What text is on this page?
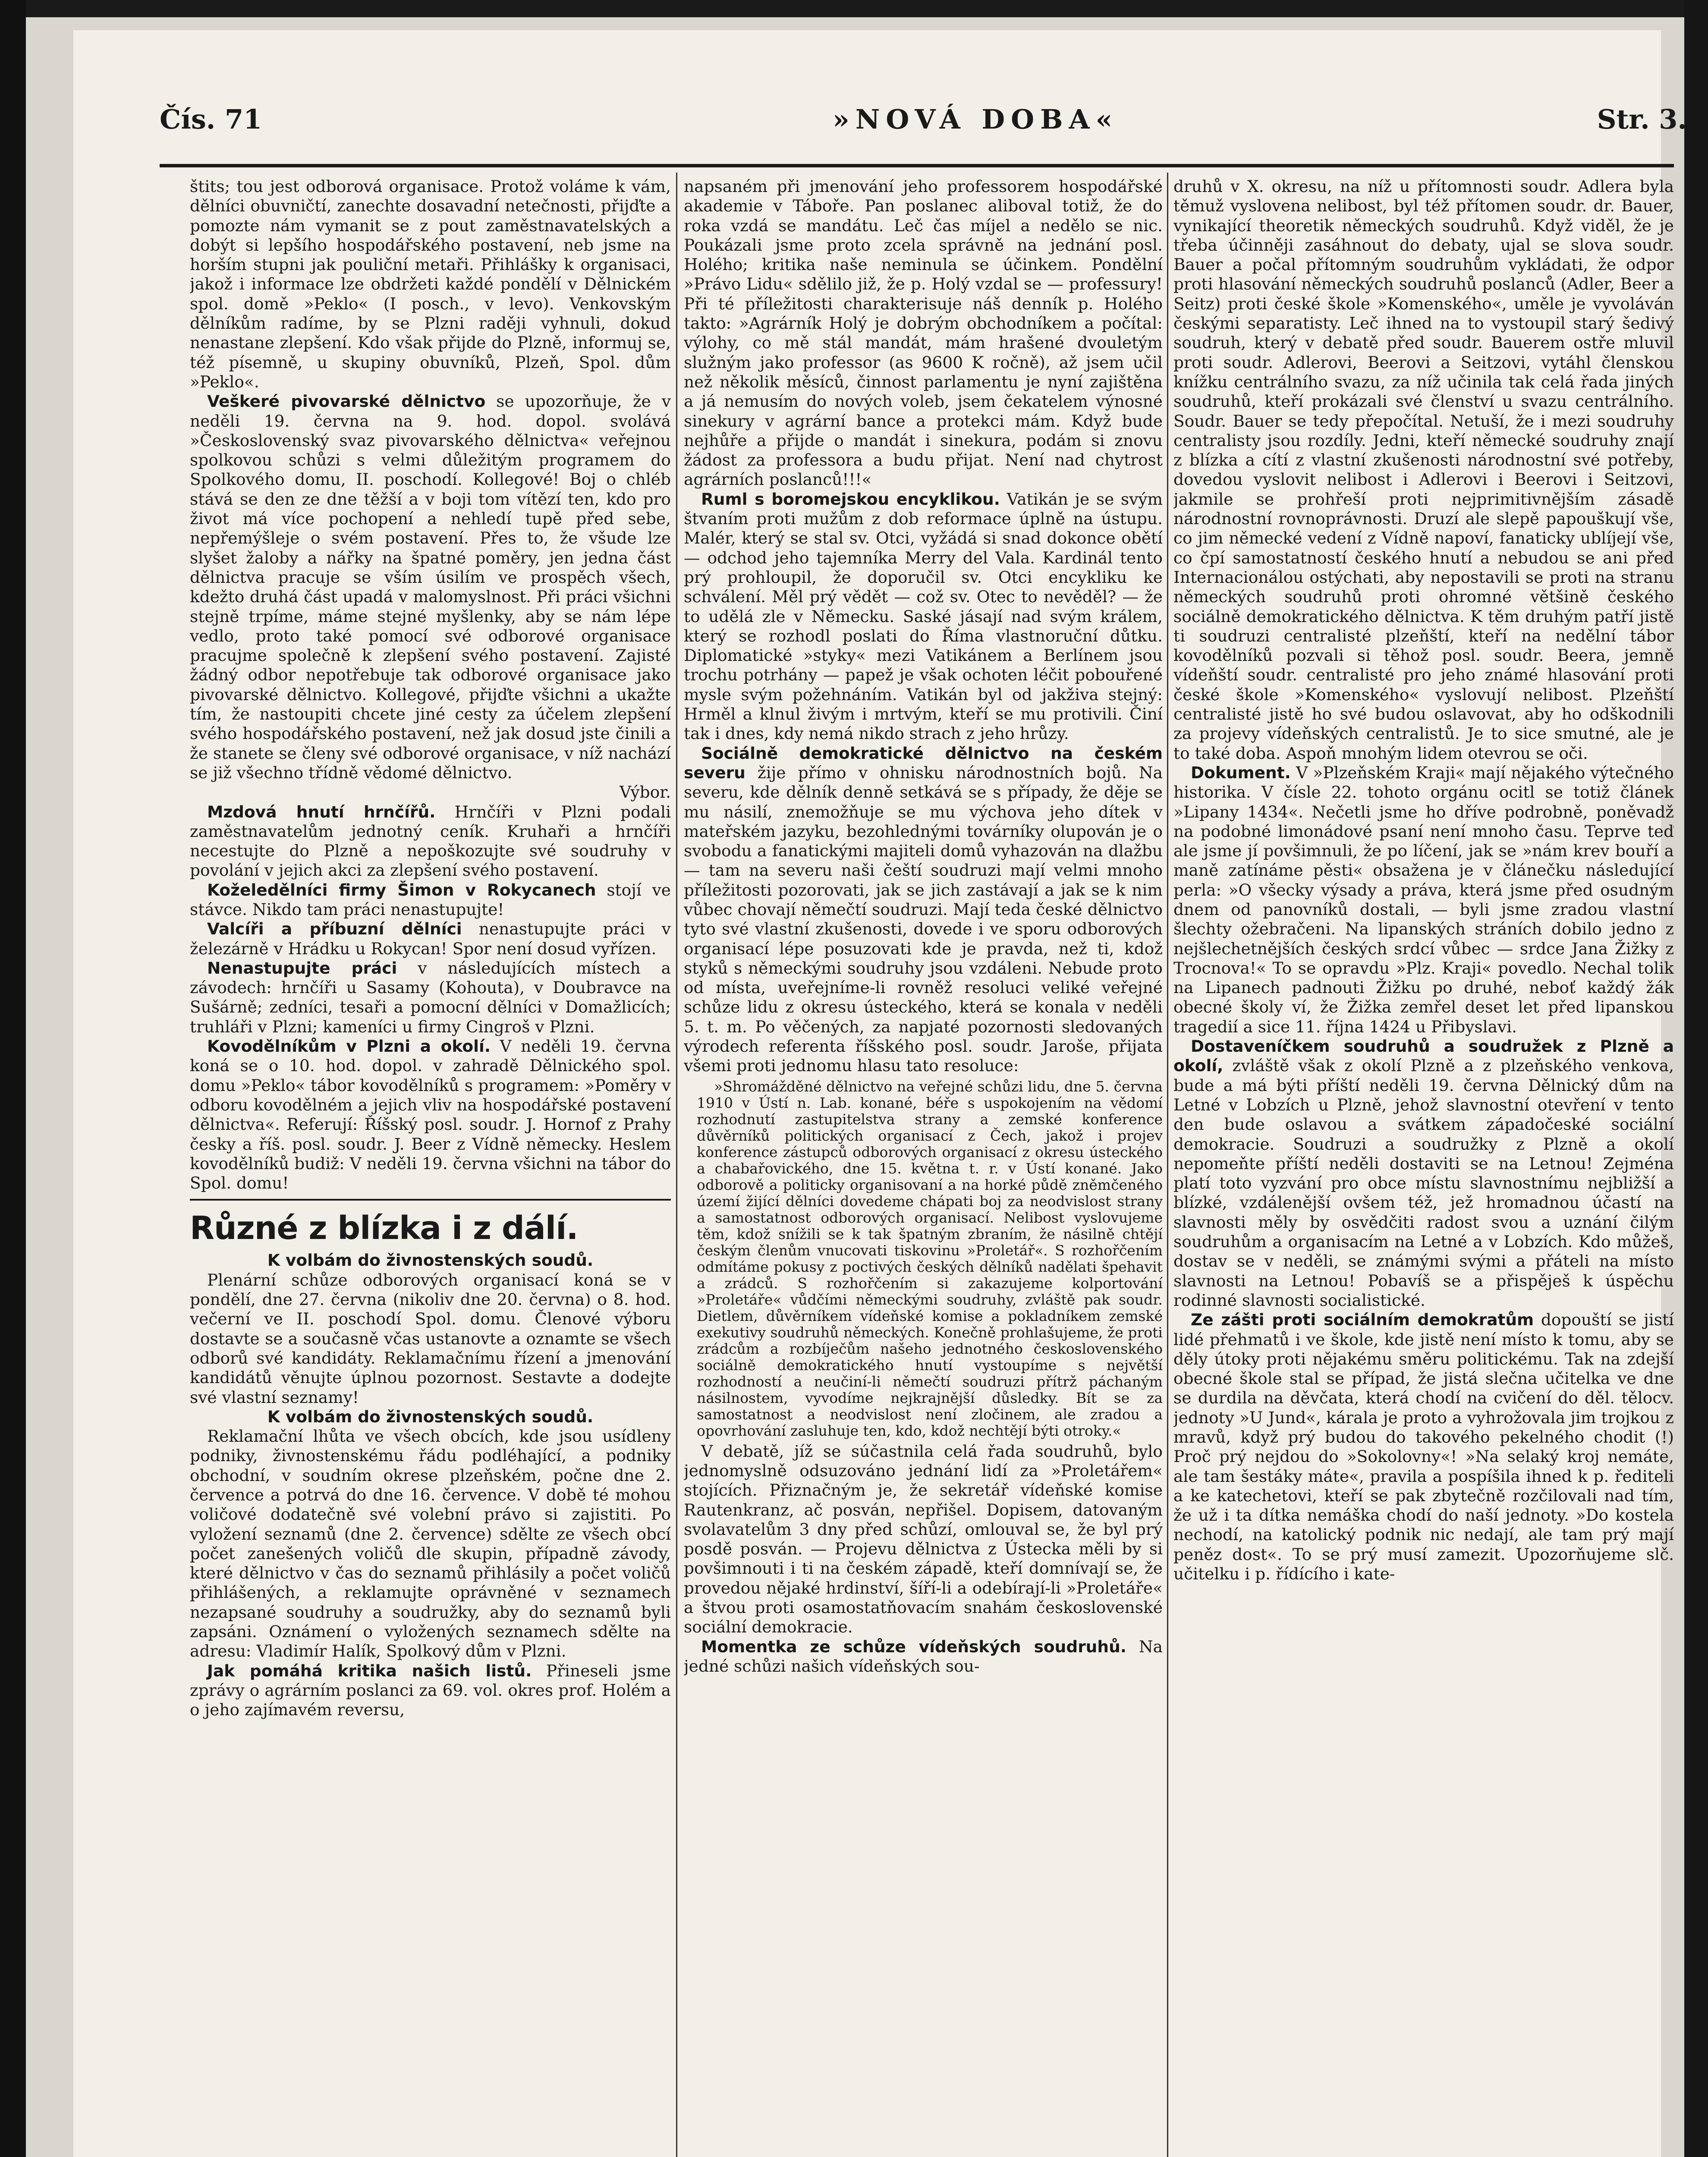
Čís. 71	»NOVÁ DOBA«	Str. 3.

štits; tou jest odborová organisace. Protož voláme k vám, dělníci obuvničtí, zanechte dosavadní netečnosti, přijďte a pomozte nám vymanit se z pout zaměstnavatelských a dobýt si lepšího hospodářského postavení, neb jsme na horším stupni jak pouliční metaři. Přihlášky k organisaci, jakož i informace lze obdržeti každé pondělí v Dělnickém spol. domě »Peklo« (I posch., v levo). Venkovským dělníkům radíme, by se Plzni raději vyhnuli, dokud nenastane zlepšení. Kdo však přijde do Plzně, informuj se, též písemně, u skupiny obuvníků, Plzeň, Spol. dům »Peklo«.

Veškeré pivovarské dělnictvo se upozorňuje, že v neděli 19. června na 9. hod. dopol. svolává »Československý svaz pivovarského dělnictva« veřejnou spolkovou schůzi s velmi důležitým programem do Spolkového domu, II. poschodí. Kollegové! Boj o chléb stává se den ze dne těžší a v boji tom vítězí ten, kdo pro život má více pochopení a nehledí tupě před sebe, nepřemýšleje o svém postavení. Přes to, že všude lze slyšet žaloby a nářky na špatné poměry, jen jedna část dělnictva pracuje se vším úsilím ve prospěch všech, kdežto druhá část upadá v malomyslnost. Při práci všichni stejně trpíme, máme stejné myšlenky, aby se nám lépe vedlo, proto také pomocí své odborové organisace pracujme společně k zlepšení svého postavení. Zajisté žádný odbor nepotřebuje tak odborové organisace jako pivovarské dělnictvo. Kollegové, přijďte všichni a ukažte tím, že nastoupiti chcete jiné cesty za účelem zlepšení svého hospodářského postavení, než jak dosud jste činili a že stanete se členy své odborové organisace, v níž nachází se již všechno třídně vědomé dělnictvo.

Výbor.

Mzdová hnutí hrnčířů. Hrnčíři v Plzni podali zaměstnavatelům jednotný ceník. Kruhaři a hrnčíři necestujte do Plzně a nepoškozujte své soudruhy v povolání v jejich akci za zlepšení svého postavení.

Koželedělníci firmy Šimon v Rokycanech stojí ve stávce. Nikdo tam práci nenastupujte!

Valcíři a příbuzní dělníci nenastupujte práci v železárně v Hrádku u Rokycan! Spor není dosud vyřízen.

Nenastupujte práci v následujících místech a závodech: hrnčíři u Sasamy (Kohouta), v Doubravce na Sušárně; zedníci, tesaři a pomocní dělníci v Domažlicích; truhláři v Plzni; kameníci u firmy Cingroš v Plzni.

Kovodělníkům v Plzni a okolí. V neděli 19. června koná se o 10. hod. dopol. v zahradě Dělnického spol. domu »Peklo« tábor kovodělníků s programem: »Poměry v odboru kovodělném a jejich vliv na hospodářské postavení dělnictva«. Referují: Říšský posl. soudr. J. Hornof z Prahy česky a říš. posl. soudr. J. Beer z Vídně německy. Heslem kovodělníků budiž: V neděli 19. června všichni na tábor do Spol. domu!

Různé z blízka i z dálí.

K volbám do živnostenských soudů.

Plenární schůze odborových organisací koná se v pondělí, dne 27. června (nikoliv dne 20. června) o 8. hod. večerní ve II. poschodí Spol. domu. Členové výboru dostavte se a současně včas ustanovte a oznamte se všech odborů své kandidáty. Reklamačnímu řízení a jmenování kandidátů věnujte úplnou pozornost. Sestavte a dodejte své vlastní seznamy!

K volbám do živnostenských soudů.

Reklamační lhůta ve všech obcích, kde jsou usídleny podniky, živnostenskému řádu podléhající, a podniky obchodní, v soudním okrese plzeňském, počne dne 2. července a potrvá do dne 16. července. V době té mohou voličové dodatečně své volební právo si zajistiti. Po vyložení seznamů (dne 2. července) sdělte ze všech obcí počet zanešených voličů dle skupin, případně závody, které dělnictvo v čas do seznamů přihlásily a počet voličů přihlášených, a reklamujte oprávněné v seznamech nezapsané soudruhy a soudružky, aby do seznamů byli zapsáni. Oznámení o vyložených seznamech sdělte na adresu: Vladimír Halík, Spolkový dům v Plzni.

Jak pomáhá kritika našich listů. Přineseli jsme zprávy o agrárním poslanci za 69. vol. okres prof. Holém a o jeho zajímavém reversu,

napsaném při jmenování jeho professorem hospodářské akademie v Táboře. Pan poslanec aliboval totiž, že do roka vzdá se mandátu. Leč čas míjel a nedělo se nic. Poukázali jsme proto zcela správně na jednání posl. Holého; kritika naše neminula se účinkem. Pondělní »Právo Lidu« sdělilo již, že p. Holý vzdal se — professury! Při té příležitosti charakterisuje náš denník p. Holého takto: »Agrárník Holý je dobrým obchodníkem a počítal: výlohy, co mě stál mandát, mám hrašené dvouletým služným jako professor (as 9600 K ročně), až jsem učil než několik měsíců, činnost parlamentu je nyní zajištěna a já nemusím do nových voleb, jsem čekatelem výnosné sinekury v agrární bance a protekci mám. Když bude nejhůře a přijde o mandát i sinekura, podám si znovu žádost za professora a budu přijat. Není nad chytrost agrárních poslanců!!!«

Ruml s boromejskou encyklikou. Vatikán je se svým štvaním proti mužům z dob reformace úplně na ústupu. Malér, který se stal sv. Otci, vyžádá si snad dokonce obětí — odchod jeho tajemníka Merry del Vala. Kardinál tento prý prohloupil, že doporučil sv. Otci encykliku ke schválení. Měl prý vědět — což sv. Otec to nevěděl? — že to udělá zle v Německu. Saské jásají nad svým králem, který se rozhodl poslati do Říma vlastnoruční důtku. Diplomatické »styky« mezi Vatikánem a Berlínem jsou trochu potrhány — papež je však ochoten léčit pobouřené mysle svým požehnáním. Vatikán byl od jakživa stejný: Hrměl a klnul živým i mrtvým, kteří se mu protivili. Činí tak i dnes, kdy nemá nikdo strach z jeho hrůzy.

Sociálně demokratické dělnictvo na českém severu žije přímo v ohnisku národnostních bojů. Na severu, kde dělník denně setkává se s případy, že děje se mu násilí, znemožňuje se mu výchova jeho dítek v mateřském jazyku, bezohlednými továrníky olupován je o svobodu a fanatickými majiteli domů vyhazován na dlažbu — tam na severu naši čeští soudruzi mají velmi mnoho příležitosti pozorovati, jak se jich zastávají a jak se k nim vůbec chovají němečtí soudruzi. Mají teda české dělnictvo tyto své vlastní zkušenosti, dovede i ve sporu odborových organisací lépe posuzovati kde je pravda, než ti, kdož styků s německými soudruhy jsou vzdáleni. Nebude proto od místa, uveřejníme-li rovněž resoluci veliké veřejné schůze lidu z okresu ústeckého, která se konala v neděli 5. t. m. Po věčených, za napjaté pozornosti sledovaných výrodech referenta říšského posl. soudr. Jaroše, přijata všemi proti jednomu hlasu tato resoluce:

»Shromážděné dělnictvo na veřejné schůzi lidu, dne 5. června 1910 v Ústí n. Lab. konané, béře s uspokojením na vědomí rozhodnutí zastupitelstva strany a zemské konference důvěrníků politických organisací z Čech, jakož i projev konference zástupců odborových organisací z okresu ústeckého a chabařovického, dne 15. května t. r. v Ústí konané. Jako odborově a politicky organisovaní a na horké půdě zněmčeného území žijící dělníci dovedeme chápati boj za neodvislost strany a samostatnost odborových organisací. Nelibost vyslovujeme těm, kdož snížili se k tak špatným zbraním, že násilně chtějí českým členům vnucovati tiskovinu »Proletář«. S rozhořčením odmítáme pokusy z poctivých českých dělníků nadělati špehavit a zrádců. S rozhořčením si zakazujeme kolportování »Proletáře« vůdčími německými soudruhy, zvláště pak soudr. Dietlem, důvěrníkem vídeňské komise a pokladníkem zemské exekutivy soudruhů německých. Konečně prohlašujeme, že proti zrádcům a rozbíječům našeho jednotného československého sociálně demokratického hnutí vystoupíme s největší rozhodností a neučiní-li němečtí soudruzi přítrž páchaným násilnostem, vyvodíme nejkrajnější důsledky. Bít se za samostatnost a neodvislost není zločinem, ale zradou a opovrhování zasluhuje ten, kdo, kdož nechtějí býti otroky.«

V debatě, jíž se súčastnila celá řada soudruhů, bylo jednomyslně odsuzováno jednání lidí za »Proletářem« stojících. Přiznačným je, že sekretář vídeňské komise Rautenkranz, ač posván, nepřišel. Dopisem, datovaným svolavatelům 3 dny před schůzí, omlouval se, že byl prý posdě posván. — Projevu dělnictva z Ústecka měli by si povšimnouti i ti na českém západě, kteří domnívají se, že provedou nějaké hrdinství, šíří-li a odebírají-li »Proletáře« a štvou proti osamostatňovacím snahám československé sociální demokracie.

Momentka ze schůze vídeňských soudruhů. Na jedné schůzi našich vídeňských sou-

druhů v X. okresu, na níž u přítomnosti soudr. Adlera byla těmuž vyslovena nelibost, byl též přítomen soudr. dr. Bauer, vynikající theoretik německých soudruhů. Když viděl, že je třeba účinněji zasáhnout do debaty, ujal se slova soudr. Bauer a počal přítomným soudruhům vykládati, že odpor proti hlasování německých soudruhů poslanců (Adler, Beer a Seitz) proti české škole »Komenského«, uměle je vyvoláván českými separatisty. Leč ihned na to vystoupil starý šedivý soudruh, který v debatě před soudr. Bauerem ostře mluvil proti soudr. Adlerovi, Beerovi a Seitzovi, vytáhl členskou knížku centrálního svazu, za níž učinila tak celá řada jiných soudruhů, kteří prokázali své členství u svazu centrálního. Soudr. Bauer se tedy přepočítal. Netuší, že i mezi soudruhy centralisty jsou rozdíly. Jedni, kteří německé soudruhy znají z blízka a cítí z vlastní zkušenosti národnostní své potřeby, dovedou vyslovit nelibost i Adlerovi i Beerovi i Seitzovi, jakmile se prohřeší proti nejprimitivnějším zásadě národnostní rovnoprávnosti. Druzí ale slepě papouškují vše, co jim německé vedení z Vídně napoví, fanaticky ublíjejí vše, co čpí samostatností českého hnutí a nebudou se ani před Internacionálou ostýchati, aby nepostavili se proti na stranu německých soudruhů proti ohromné většině českého sociálně demokratického dělnictva. K těm druhým patří jistě ti soudruzi centralisté plzeňští, kteří na nedělní tábor kovodělníků pozvali si těhož posl. soudr. Beera, jemně vídeňští soudr. centralisté pro jeho známé hlasování proti české škole »Komenského« vyslovují nelibost. Plzeňští centralisté jistě ho své budou oslavovat, aby ho odškodnili za projevy vídeňských centralistů. Je to sice smutné, ale je to také doba. Aspoň mnohým lidem otevrou se oči.

Dokument. V »Plzeňském Kraji« mají nějakého výtečného historika. V čísle 22. tohoto orgánu ocitl se totiž článek »Lipany 1434«. Nečetli jsme ho dříve podrobně, poněvadž na podobné limonádové psaní není mnoho času. Teprve teď ale jsme jí povšimnuli, že po líčení, jak se »nám krev bouří a maně zatínáme pěsti« obsažena je v článečku následující perla: »O všecky výsady a práva, která jsme před osudným dnem od panovníků dostali, — byli jsme zradou vlastní šlechty ožebračeni. Na lipanských stráních dobilo jedno z nejšlechetnějších českých srdcí vůbec — srdce Jana Žižky z Trocnova!« To se opravdu »Plz. Kraji« povedlo. Nechal tolik na Lipanech padnouti Žižku po druhé, neboť každý žák obecné školy ví, že Žižka zemřel deset let před lipanskou tragedií a sice 11. října 1424 u Přibyslavi.

Dostaveníčkem soudruhů a soudružek z Plzně a okolí, zvláště však z okolí Plzně a z plzeňského venkova, bude a má býti příští neděli 19. června Dělnický dům na Letné v Lobzích u Plzně, jehož slavnostní otevření v tento den bude oslavou a svátkem západočeské sociální demokracie. Soudruzi a soudružky z Plzně a okolí nepomeňte příští neděli dostaviti se na Letnou! Zejména platí toto vyzvání pro obce místu slavnostnímu nejbližší a blízké, vzdálenější ovšem též, jež hromadnou účastí na slavnosti měly by osvědčiti radost svou a uznání čilým soudruhům a organisacím na Letné a v Lobzích. Kdo můžeš, dostav se v neděli, se známými svými a přáteli na místo slavnosti na Letnou! Pobavíš se a přispěješ k úspěchu rodinné slavnosti socialistické.

Ze zášti proti sociálním demokratům dopouští se jistí lidé přehmatů i ve škole, kde jistě není místo k tomu, aby se děly útoky proti nějakému směru politickému. Tak na zdejší obecné škole stal se případ, že jistá slečna učitelka ve dne se durdila na děvčata, která chodí na cvičení do děl. tělocv. jednoty »U Jund«, kárala je proto a vyhrožovala jim trojkou z mravů, když prý budou do takového pekelného chodit (!) Proč prý nejdou do »Sokolovny«! »Na selaký kroj nemáte, ale tam šestáky máte«, pravila a pospíšila ihned k p. řediteli a ke katechetovi, kteří se pak zbytečně rozčilovali nad tím, že už i ta dítka nemáška chodí do naší jednoty. »Do kostela nechodí, na katolický podnik nic nedají, ale tam prý mají peněz dost«. To se prý musí zamezit. Upozorňujeme slč. učitelku i p. řídícího i kate-
